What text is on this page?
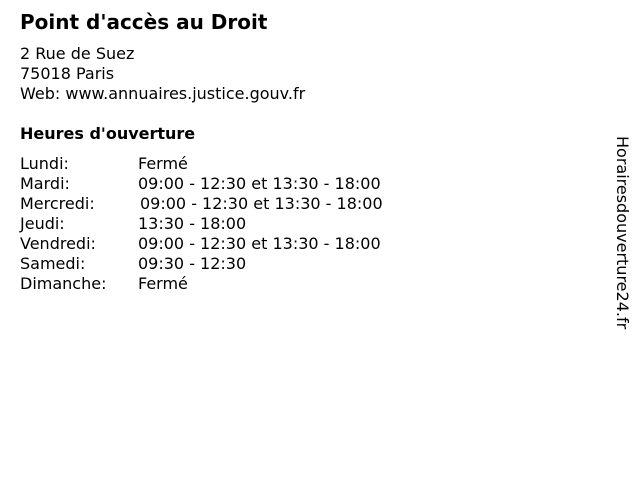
Point d'accès au Droit
2 Rue de Suez
75018 Paris
Web: www.annuaires.justice.gouv.fr
Heures d'ouverture
Lundi:	Fermé
Mardi:	09:00 - 12:30 et 13:30 - 18:00
Mercredi:	09:00 - 12:30 et 13:30 - 18:00
Jeudi:	13:30 - 18:00
Vendredi:	09:00 - 12:30 et 13:30 - 18:00
Samedi:	09:30 - 12:30
Dimanche: Fermé	Horairesdouverture24.fr
